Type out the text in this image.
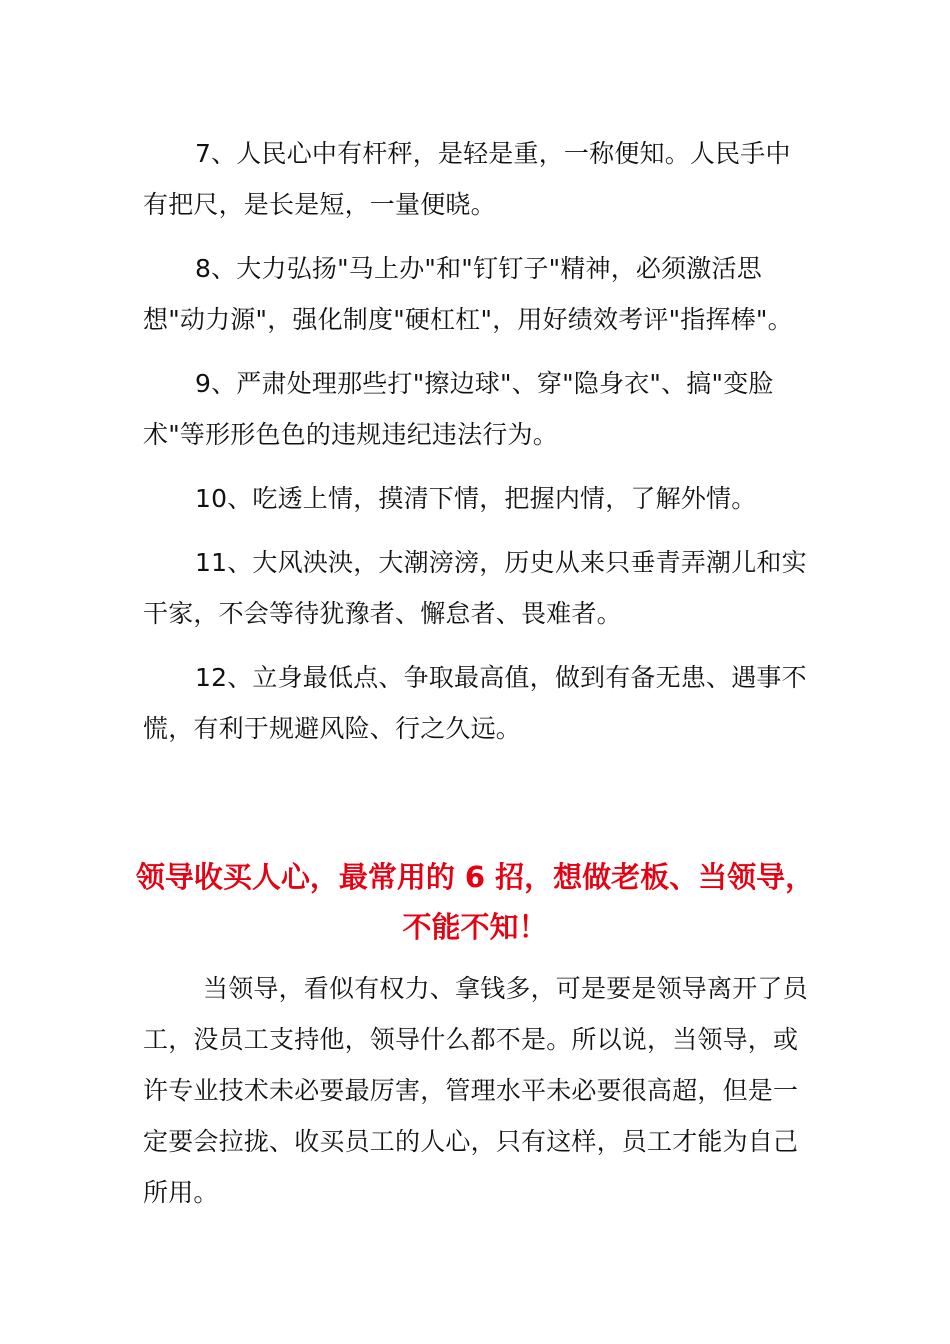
7、人民心中有杆秤，是轻是重，一称便知。人民手中有把尺，是长是短，一量便晓。

8、大力弘扬"马上办"和"钉钉子"精神，必须激活思想"动力源"，强化制度"硬杠杠"，用好绩效考评"指挥棒"。

9、严肃处理那些打"擦边球"、穿"隐身衣"、搞"变脸术"等形形色色的违规违纪违法行为。

10、吃透上情，摸清下情，把握内情，了解外情。

11、大风泱泱，大潮滂滂，历史从来只垂青弄潮儿和实干家，不会等待犹豫者、懈怠者、畏难者。

12、立身最低点、争取最高值，做到有备无患、遇事不慌，有利于规避风险、行之久远。

领导收买人心，最常用的 6 招，想做老板、当领导，不能不知！

当领导，看似有权力、拿钱多，可是要是领导离开了员工，没员工支持他，领导什么都不是。所以说，当领导，或许专业技术未必要最厉害，管理水平未必要很高超，但是一定要会拉拢、收买员工的人心，只有这样，员工才能为自己所用。
